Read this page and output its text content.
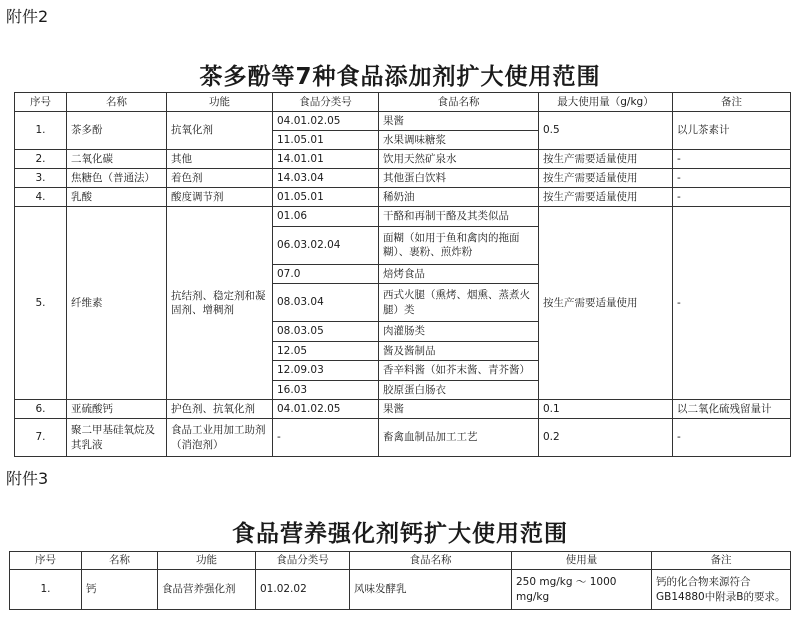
附件2
茶多酚等7种食品添加剂扩大使用范围
序号	名称	功能	食品分类号	食品名称	最大使用量（g/kg）	备注
1.	茶多酚	抗氧化剂	04.01.02.05	果酱	0.5	以儿茶素计
			11.05.01	水果调味糖浆		
2.	二氧化碳	其他	14.01.01	饮用天然矿泉水	按生产需要适量使用	-
3.	焦糖色（普通法）	着色剂	14.03.04	其他蛋白饮料	按生产需要适量使用	-
4.	乳酸	酸度调节剂	01.05.01	稀奶油	按生产需要适量使用	-
5.	纤维素	抗结剂、稳定剂和凝固剂、增稠剂	01.06	干酪和再制干酪及其类似品	按生产需要适量使用	-
			06.03.02.04	面糊（如用于鱼和禽肉的拖面糊）、裹粉、煎炸粉		
			07.0	焙烤食品		
			08.03.04	西式火腿（熏烤、烟熏、蒸煮火腿）类		
			08.03.05	肉灌肠类		
			12.05	酱及酱制品		
			12.09.03	香辛料酱（如芥末酱、青芥酱）		
			16.03	胶原蛋白肠衣		
6.	亚硫酸钙	护色剂、抗氧化剂	04.01.02.05	果酱	0.1	以二氧化硫残留量计
7.	聚二甲基硅氧烷及其乳液	食品工业用加工助剂（消泡剂）	-	畜禽血制品加工工艺	0.2	-
附件3
食品营养强化剂钙扩大使用范围
序号	名称	功能	食品分类号	食品名称	使用量	备注
1.	钙	食品营养强化剂	01.02.02	风味发酵乳	250 mg/kg ～ 1000 mg/kg	钙的化合物来源符合GB14880中附录B的要求。
